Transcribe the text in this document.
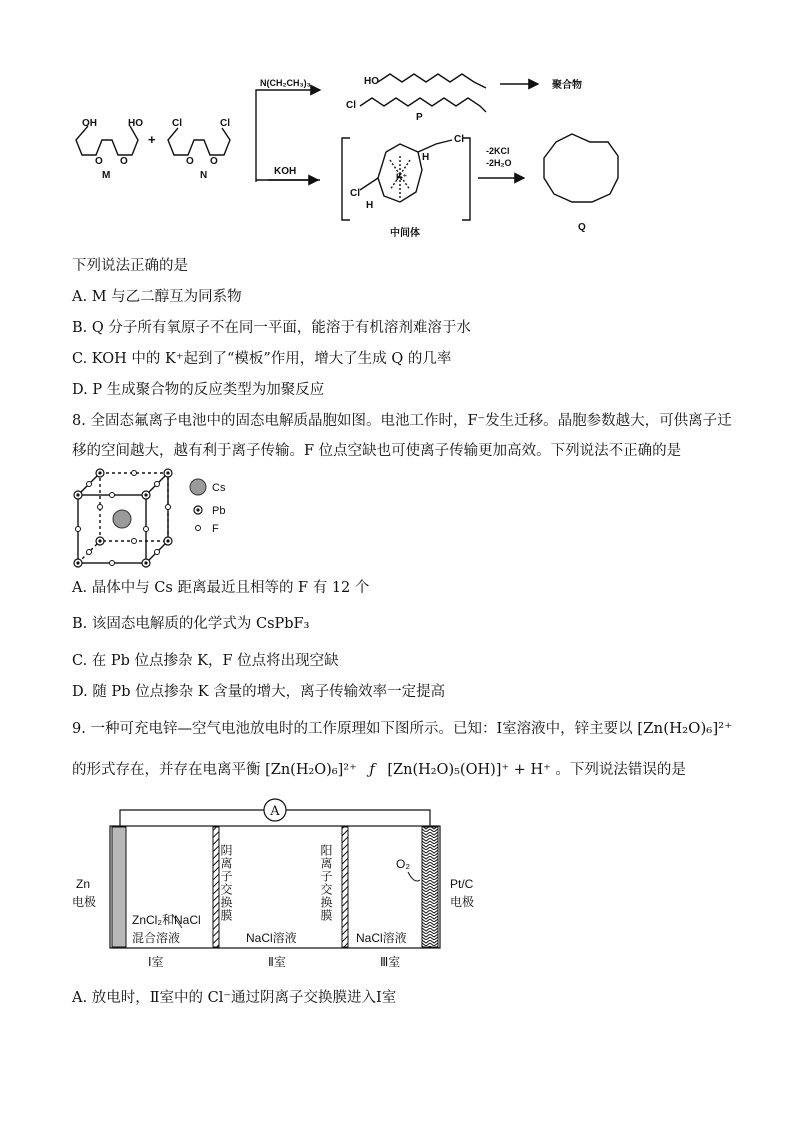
OH	HO
O O
M
+
Cl	Cl
O O
N
N(CH₂CH₃)₃
KOH
HO
Cl
P
聚合物
Cl
Cl
H
H
K⁺
中间体
-2KCl
-2H₂O
Q
下列说法正确的是
A. M 与乙二醇互为同系物
B. Q 分子所有氧原子不在同一平面，能溶于有机溶剂难溶于水
C. KOH 中的 K⁺起到了“模板”作用，增大了生成 Q 的几率
D. P 生成聚合物的反应类型为加聚反应
8. 全固态氟离子电池中的固态电解质晶胞如图。电池工作时，F⁻发生迁移。晶胞参数越大，可供离子迁
移的空间越大，越有利于离子传输。F 位点空缺也可使离子传输更加高效。下列说法不正确的是
Cs
Pb
F
A. 晶体中与 Cs 距离最近且相等的 F 有 12 个
B. 该固态电解质的化学式为 CsPbF₃
C. 在 Pb 位点掺杂 K，F 位点将出现空缺
D. 随 Pb 位点掺杂 K 含量的增大，离子传输效率一定提高
9. 一种可充电锌—空气电池放电时的工作原理如下图所示。已知：Ⅰ室溶液中，锌主要以 [Zn(H₂O)₆]²⁺
的形式存在，并存在电离平衡 [Zn(H₂O)₆]²⁺ ƒ [Zn(H₂O)₅(OH)]⁺ + H⁺ 。下列说法错误的是
A
Zn
电极
Pt/C
电极
O₂
ZnCl₂和NaCl
混合溶液	NaCl溶液	NaCl溶液
Ⅰ室	Ⅱ室	Ⅲ室
阴离子交换膜	阳离子交换膜
A. 放电时，Ⅱ室中的 Cl⁻通过阴离子交换膜进入Ⅰ室
